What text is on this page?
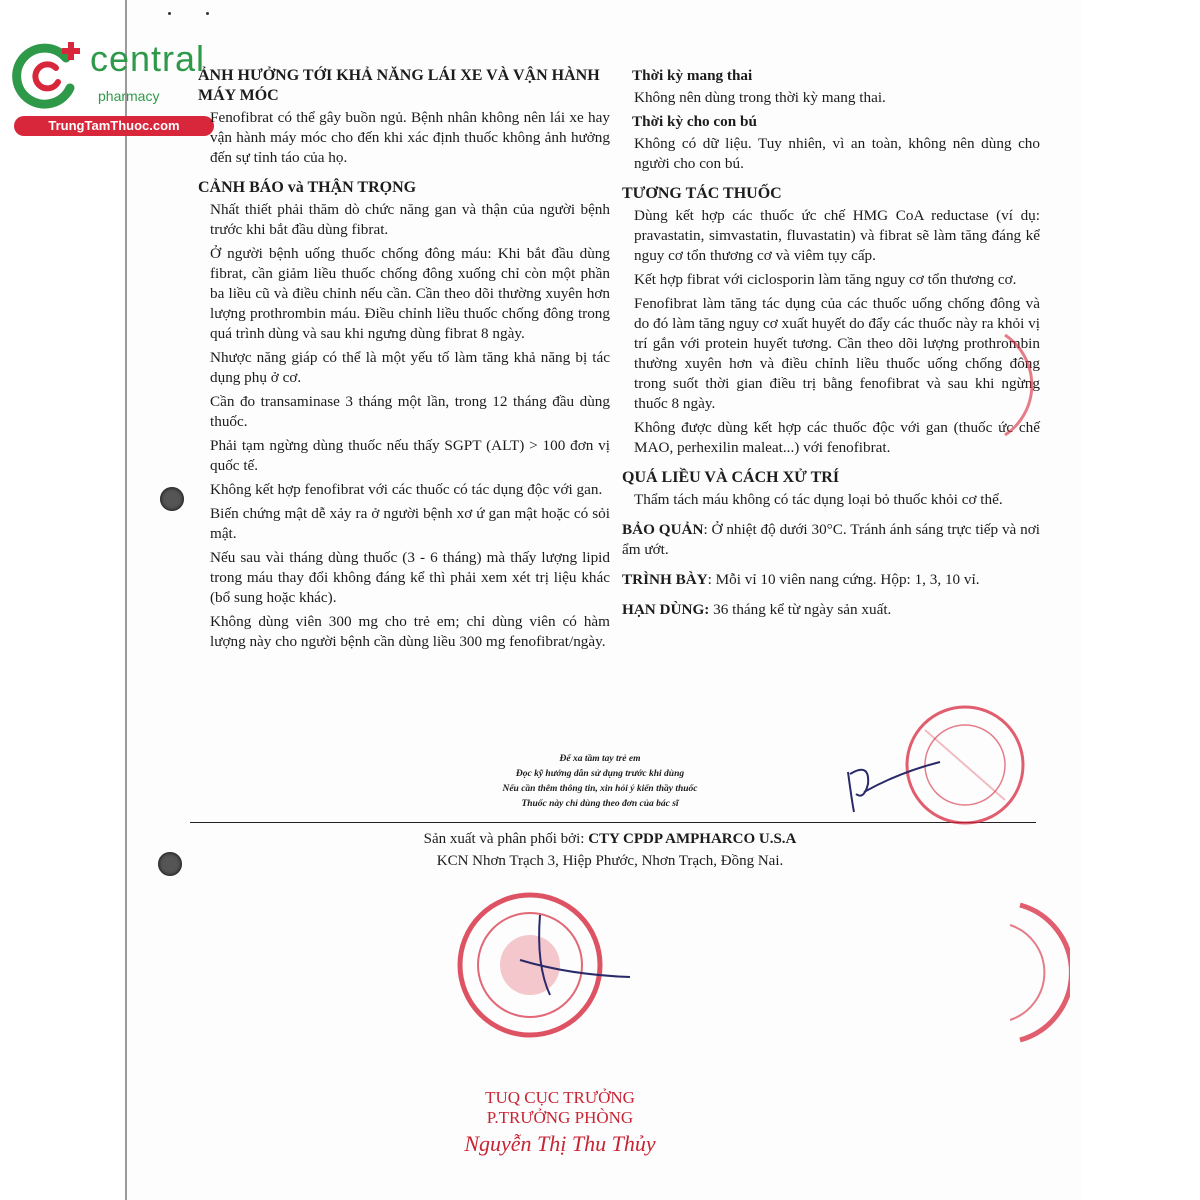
central
pharmacy
TrungTamThuoc.com
ẢNH HƯỞNG TỚI KHẢ NĂNG LÁI XE VÀ VẬN HÀNH MÁY MÓC
Fenofibrat có thể gây buồn ngủ. Bệnh nhân không nên lái xe hay vận hành máy móc cho đến khi xác định thuốc không ảnh hưởng đến sự tỉnh táo của họ.
CẢNH BÁO và THẬN TRỌNG
Nhất thiết phải thăm dò chức năng gan và thận của người bệnh trước khi bắt đầu dùng fibrat.
Ở người bệnh uống thuốc chống đông máu: Khi bắt đầu dùng fibrat, cần giảm liều thuốc chống đông xuống chỉ còn một phần ba liều cũ và điều chỉnh nếu cần. Cần theo dõi thường xuyên hơn lượng prothrombin máu. Điều chỉnh liều thuốc chống đông trong quá trình dùng và sau khi ngưng dùng fibrat 8 ngày.
Nhược năng giáp có thể là một yếu tố làm tăng khả năng bị tác dụng phụ ở cơ.
Cần đo transaminase 3 tháng một lần, trong 12 tháng đầu dùng thuốc.
Phải tạm ngừng dùng thuốc nếu thấy SGPT (ALT) > 100 đơn vị quốc tế.
Không kết hợp fenofibrat với các thuốc có tác dụng độc với gan.
Biến chứng mật dễ xảy ra ở người bệnh xơ ứ gan mật hoặc có sỏi mật.
Nếu sau vài tháng dùng thuốc (3 - 6 tháng) mà thấy lượng lipid trong máu thay đổi không đáng kể thì phải xem xét trị liệu khác (bổ sung hoặc khác).
Không dùng viên 300 mg cho trẻ em; chỉ dùng viên có hàm lượng này cho người bệnh cần dùng liều 300 mg fenofibrat/ngày.
Thời kỳ mang thai
Không nên dùng trong thời kỳ mang thai.
Thời kỳ cho con bú
Không có dữ liệu. Tuy nhiên, vì an toàn, không nên dùng cho người cho con bú.
TƯƠNG TÁC THUỐC
Dùng kết hợp các thuốc ức chế HMG CoA reductase (ví dụ: pravastatin, simvastatin, fluvastatin) và fibrat sẽ làm tăng đáng kể nguy cơ tổn thương cơ và viêm tụy cấp.
Kết hợp fibrat với ciclosporin làm tăng nguy cơ tổn thương cơ.
Fenofibrat làm tăng tác dụng của các thuốc uống chống đông và do đó làm tăng nguy cơ xuất huyết do đẩy các thuốc này ra khỏi vị trí gắn với protein huyết tương. Cần theo dõi lượng prothrombin thường xuyên hơn và điều chỉnh liều thuốc uống chống đông trong suốt thời gian điều trị bằng fenofibrat và sau khi ngừng thuốc 8 ngày.
Không được dùng kết hợp các thuốc độc với gan (thuốc ức chế MAO, perhexilin maleat...) với fenofibrat.
QUÁ LIỀU VÀ CÁCH XỬ TRÍ
Thẩm tách máu không có tác dụng loại bỏ thuốc khỏi cơ thể.
BẢO QUẢN: Ở nhiệt độ dưới 30°C. Tránh ánh sáng trực tiếp và nơi ẩm ướt.
TRÌNH BÀY: Mỗi vỉ 10 viên nang cứng. Hộp: 1, 3, 10 vỉ.
HẠN DÙNG: 36 tháng kể từ ngày sản xuất.
Để xa tầm tay trẻ em
Đọc kỹ hướng dẫn sử dụng trước khi dùng
Nếu cần thêm thông tin, xin hỏi ý kiến thầy thuốc
Thuốc này chỉ dùng theo đơn của bác sĩ
Sản xuất và phân phối bởi: CTY CPDP AMPHARCO U.S.A
KCN Nhơn Trạch 3, Hiệp Phước, Nhơn Trạch, Đồng Nai.
TUQ CỤC TRƯỞNG
P.TRƯỞNG PHÒNG
Nguyễn Thị Thu Thủy
